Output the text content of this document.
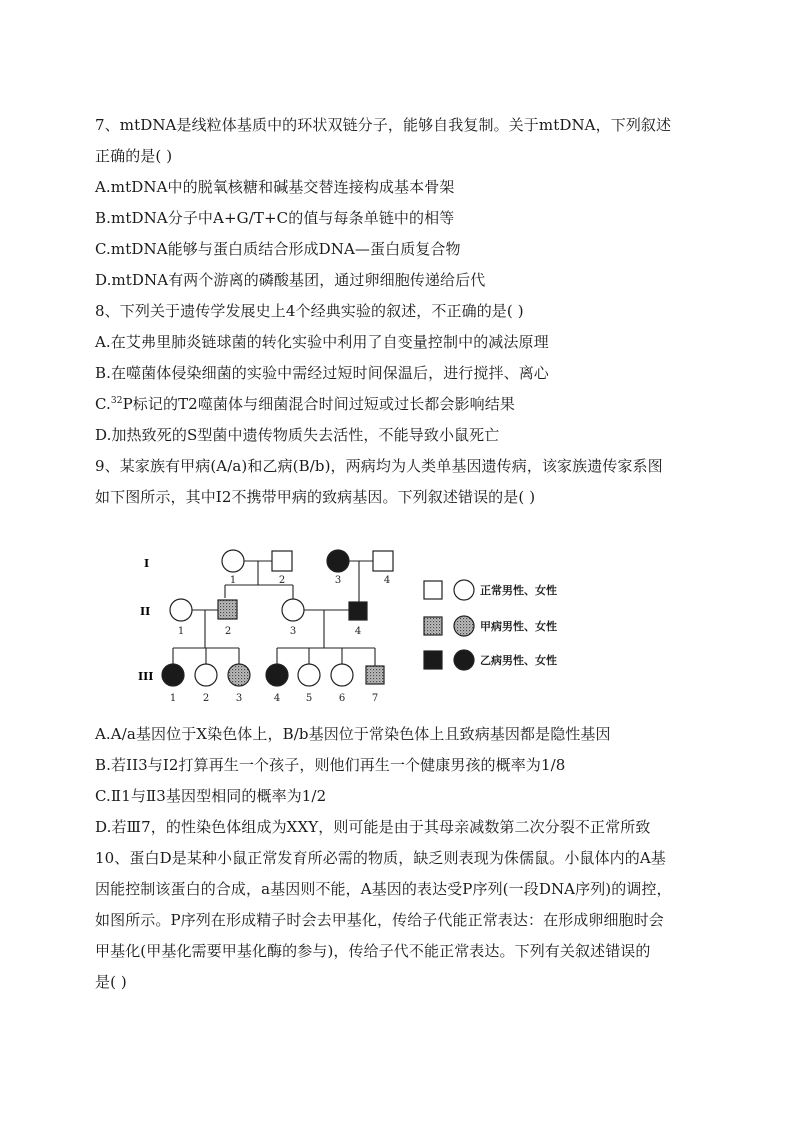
7、mtDNA是线粒体基质中的环状双链分子，能够自我复制。关于mtDNA，下列叙述
正确的是( )
A.mtDNA中的脱氧核糖和碱基交替连接构成基本骨架
B.mtDNA分子中A+G/T+C的值与每条单链中的相等
C.mtDNA能够与蛋白质结合形成DNA—蛋白质复合物
D.mtDNA有两个游离的磷酸基团，通过卵细胞传递给后代
8、下列关于遗传学发展史上4个经典实验的叙述，不正确的是( )
A.在艾弗里肺炎链球菌的转化实验中利用了自变量控制中的减法原理
B.在噬菌体侵染细菌的实验中需经过短时间保温后，进行搅拌、离心
C.$^{32}$P标记的T2噬菌体与细菌混合时间过短或过长都会影响结果
D.加热致死的S型菌中遗传物质失去活性，不能导致小鼠死亡
9、某家族有甲病(A/a)和乙病(B/b)，两病均为人类单基因遗传病，该家族遗传家系图
如下图所示，其中I2不携带甲病的致病基因。下列叙述错误的是( )
I
II
III
1	2	3	4
1	2	3	4
1	2	3	4	5	6	7
正常男性、女性
甲病男性、女性
乙病男性、女性
A.A/a基因位于X染色体上，B/b基因位于常染色体上且致病基因都是隐性基因
B.若II3与I2打算再生一个孩子，则他们再生一个健康男孩的概率为1/8
C.Ⅱ1与Ⅱ3基因型相同的概率为1/2
D.若Ⅲ7，的性染色体组成为XXY，则可能是由于其母亲减数第二次分裂不正常所致
10、蛋白D是某种小鼠正常发育所必需的物质，缺乏则表现为侏儒鼠。小鼠体内的A基
因能控制该蛋白的合成，a基因则不能，A基因的表达受P序列(一段DNA序列)的调控，
如图所示。P序列在形成精子时会去甲基化，传给子代能正常表达：在形成卵细胞时会
甲基化(甲基化需要甲基化酶的参与)，传给子代不能正常表达。下列有关叙述错误的
是( )
